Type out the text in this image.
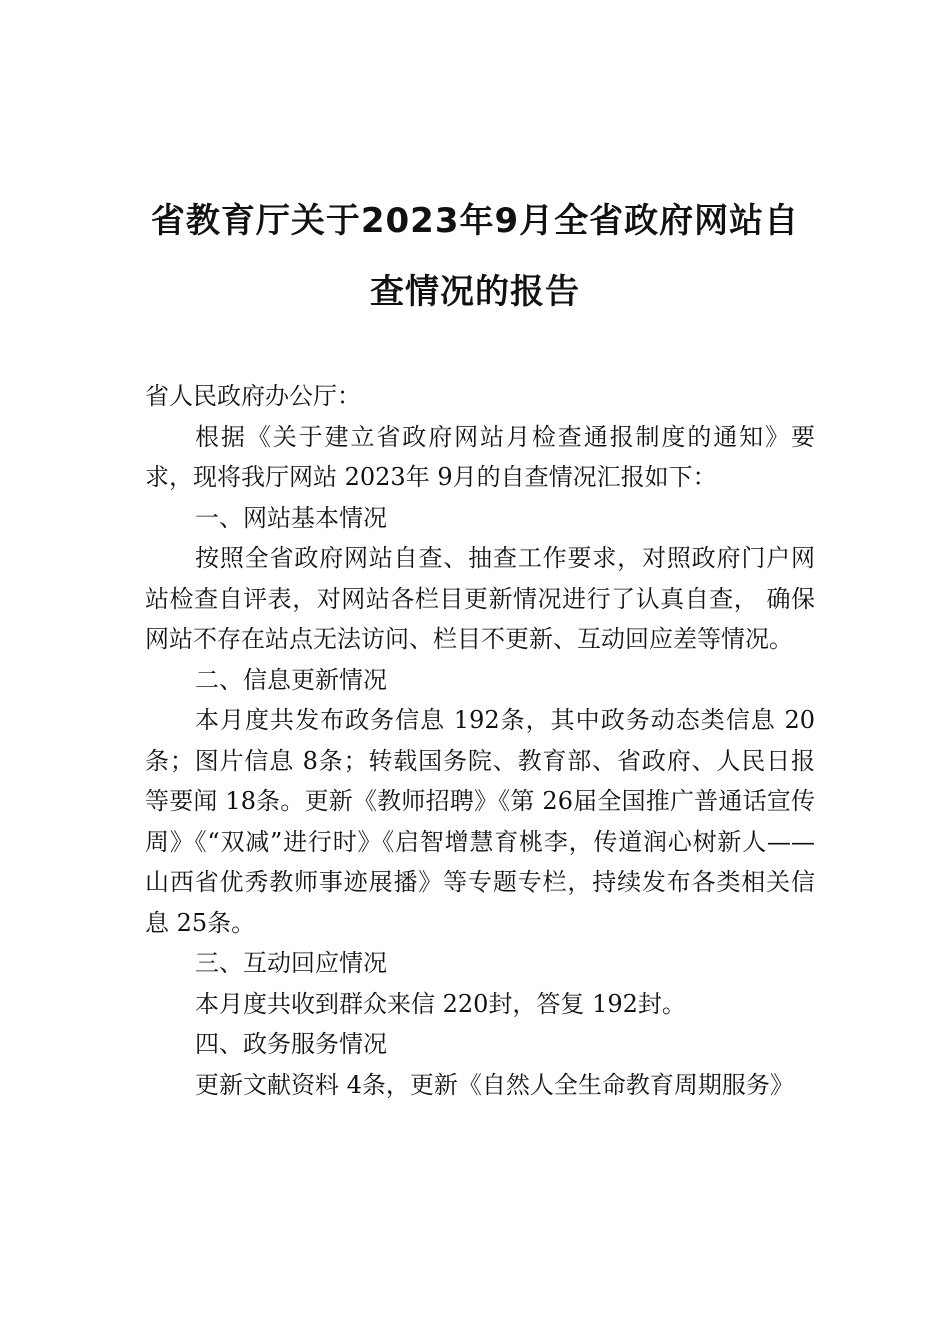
省教育厅关于2023年9月全省政府网站自
查情况的报告

省人民政府办公厅：

根据《关于建立省政府网站月检查通报制度的通知》要求，现将我厅网站 2023年 9月的自查情况汇报如下：

一、网站基本情况

按照全省政府网站自查、抽查工作要求，对照政府门户网站检查自评表，对网站各栏目更新情况进行了认真自查， 确保网站不存在站点无法访问、栏目不更新、互动回应差等情况。

二、信息更新情况

本月度共发布政务信息 192条，其中政务动态类信息 20条；图片信息 8条；转载国务院、教育部、省政府、人民日报等要闻 18条。更新《教师招聘》《第 26届全国推广普通话宣传周》《“双减”进行时》《启智增慧育桃李，传道润心树新人——山西省优秀教师事迹展播》等专题专栏，持续发布各类相关信息 25条。

三、互动回应情况

本月度共收到群众来信 220封，答复 192封。

四、政务服务情况

更新文献资料 4条，更新《自然人全生命教育周期服务》
